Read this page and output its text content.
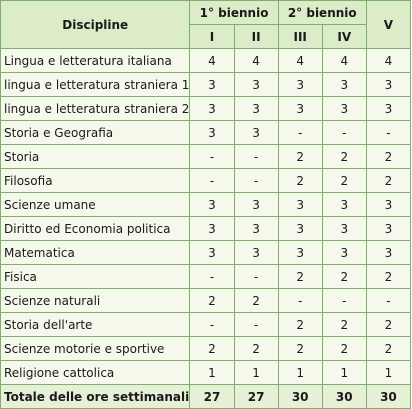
Discipline	1° biennio		2° biennio		V
	I	II	III	IV	
Lingua e letteratura italiana	4	4	4	4	4
lingua e letteratura straniera 1	3	3	3	3	3
lingua e letteratura straniera 2	3	3	3	3	3
Storia e Geografia	3	3	-	-	-
Storia	-	-	2	2	2
Filosofia	-	-	2	2	2
Scienze umane	3	3	3	3	3
Diritto ed Economia politica	3	3	3	3	3
Matematica	3	3	3	3	3
Fisica	-	-	2	2	2
Scienze naturali	2	2	-	-	-
Storia dell'arte	-	-	2	2	2
Scienze motorie e sportive	2	2	2	2	2
Religione cattolica	1	1	1	1	1
Totale delle ore settimanali	27	27	30	30	30
